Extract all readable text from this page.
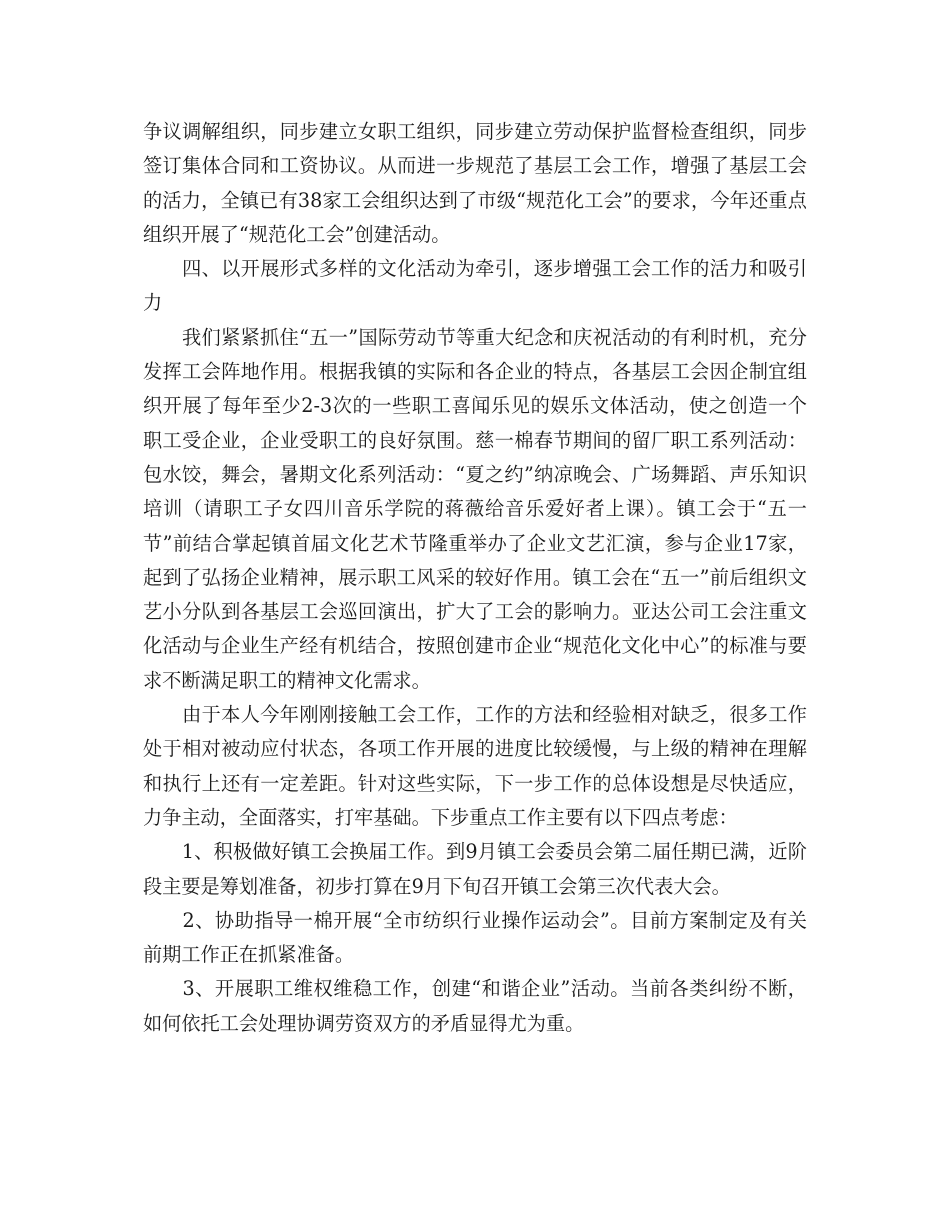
争议调解组织，同步建立女职工组织，同步建立劳动保护监督检查组织，同步签订集体合同和工资协议。从而进一步规范了基层工会工作，增强了基层工会的活力，全镇已有38家工会组织达到了市级“规范化工会”的要求，今年还重点组织开展了“规范化工会”创建活动。

　　四、以开展形式多样的文化活动为牵引，逐步增强工会工作的活力和吸引力

　　我们紧紧抓住“五一”国际劳动节等重大纪念和庆祝活动的有利时机，充分发挥工会阵地作用。根据我镇的实际和各企业的特点，各基层工会因企制宜组织开展了每年至少2-3次的一些职工喜闻乐见的娱乐文体活动，使之创造一个职工受企业，企业受职工的良好氛围。慈一棉春节期间的留厂职工系列活动：包水饺，舞会，暑期文化系列活动：“夏之约”纳凉晚会、广场舞蹈、声乐知识培训（请职工子女四川音乐学院的蒋薇给音乐爱好者上课）。镇工会于“五一节”前结合掌起镇首届文化艺术节隆重举办了企业文艺汇演，参与企业17家，起到了弘扬企业精神，展示职工风采的较好作用。镇工会在“五一”前后组织文艺小分队到各基层工会巡回演出，扩大了工会的影响力。亚达公司工会注重文化活动与企业生产经有机结合，按照创建市企业“规范化文化中心”的标准与要求不断满足职工的精神文化需求。

　　由于本人今年刚刚接触工会工作，工作的方法和经验相对缺乏，很多工作处于相对被动应付状态，各项工作开展的进度比较缓慢，与上级的精神在理解和执行上还有一定差距。针对这些实际，下一步工作的总体设想是尽快适应，力争主动，全面落实，打牢基础。下步重点工作主要有以下四点考虑：

　　1、积极做好镇工会换届工作。到9月镇工会委员会第二届任期已满，近阶段主要是筹划准备，初步打算在9月下旬召开镇工会第三次代表大会。

　　2、协助指导一棉开展“全市纺织行业操作运动会”。目前方案制定及有关前期工作正在抓紧准备。

　　3、开展职工维权维稳工作，创建“和谐企业”活动。当前各类纠纷不断，如何依托工会处理协调劳资双方的矛盾显得尤为重。
